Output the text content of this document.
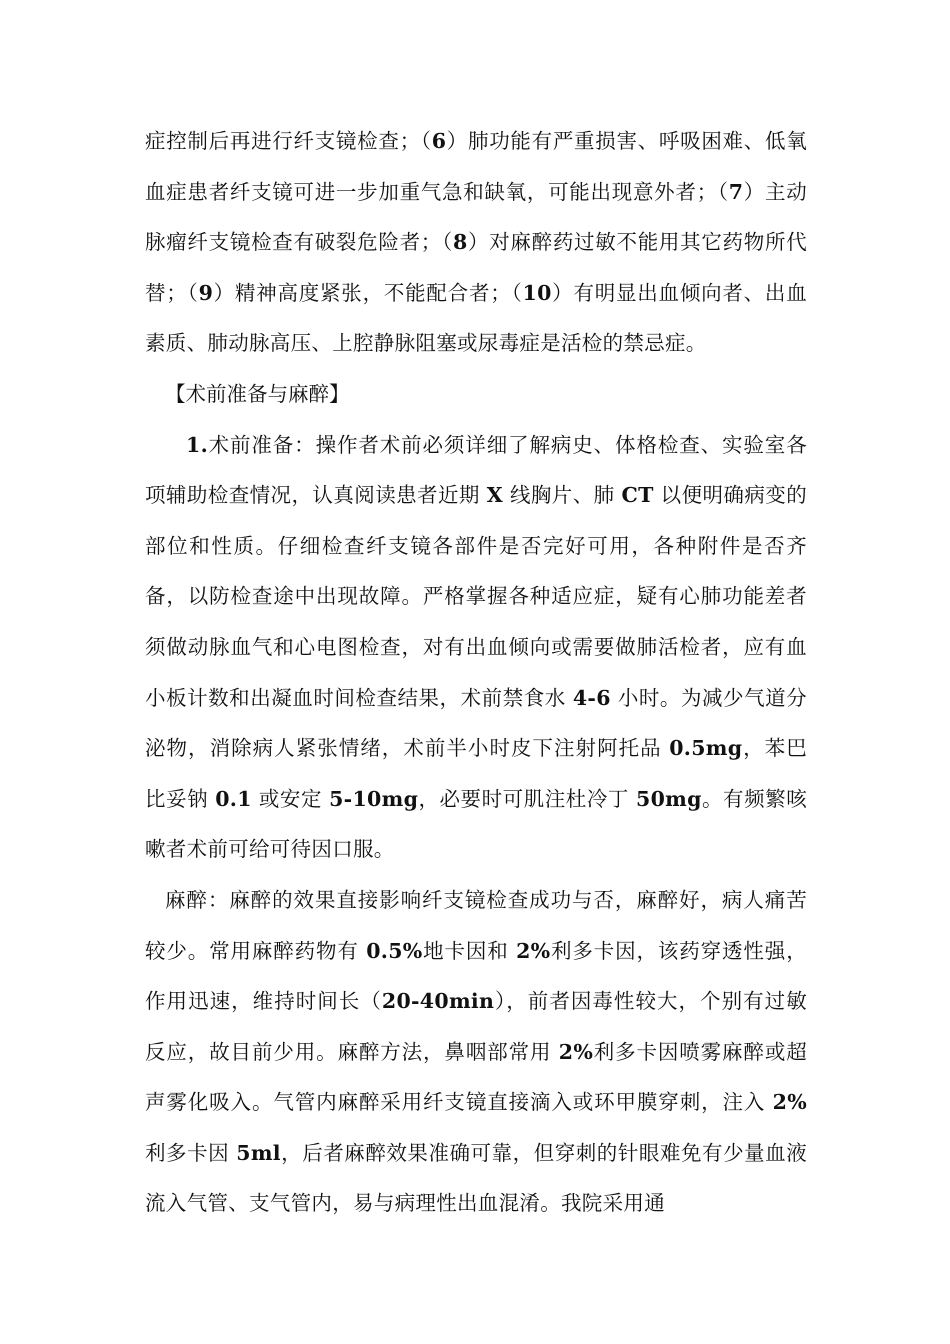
症控制后再进行纤支镜检查；（6）肺功能有严重损害、呼吸困难、低氧血症患者纤支镜可进一步加重气急和缺氧，可能出现意外者；（7）主动脉瘤纤支镜检查有破裂危险者；（8）对麻醉药过敏不能用其它药物所代替；（9）精神高度紧张，不能配合者；（10）有明显出血倾向者、出血素质、肺动脉高压、上腔静脉阻塞或尿毒症是活检的禁忌症。

【术前准备与麻醉】

1.术前准备：操作者术前必须详细了解病史、体格检查、实验室各项辅助检查情况，认真阅读患者近期 X 线胸片、肺 CT 以便明确病变的部位和性质。仔细检查纤支镜各部件是否完好可用，各种附件是否齐备，以防检查途中出现故障。严格掌握各种适应症，疑有心肺功能差者须做动脉血气和心电图检查，对有出血倾向或需要做肺活检者，应有血小板计数和出凝血时间检查结果，术前禁食水 4-6 小时。为减少气道分泌物，消除病人紧张情绪，术前半小时皮下注射阿托品 0.5mg，苯巴比妥钠 0.1 或安定 5-10mg，必要时可肌注杜冷丁 50mg。有频繁咳嗽者术前可给可待因口服。

麻醉：麻醉的效果直接影响纤支镜检查成功与否，麻醉好，病人痛苦较少。常用麻醉药物有 0.5%地卡因和 2%利多卡因，该药穿透性强，作用迅速，维持时间长（20-40min），前者因毒性较大，个别有过敏反应，故目前少用。麻醉方法，鼻咽部常用 2%利多卡因喷雾麻醉或超声雾化吸入。气管内麻醉采用纤支镜直接滴入或环甲膜穿刺，注入 2%利多卡因 5ml，后者麻醉效果准确可靠，但穿刺的针眼难免有少量血液流入气管、支气管内，易与病理性出血混淆。我院采用通
